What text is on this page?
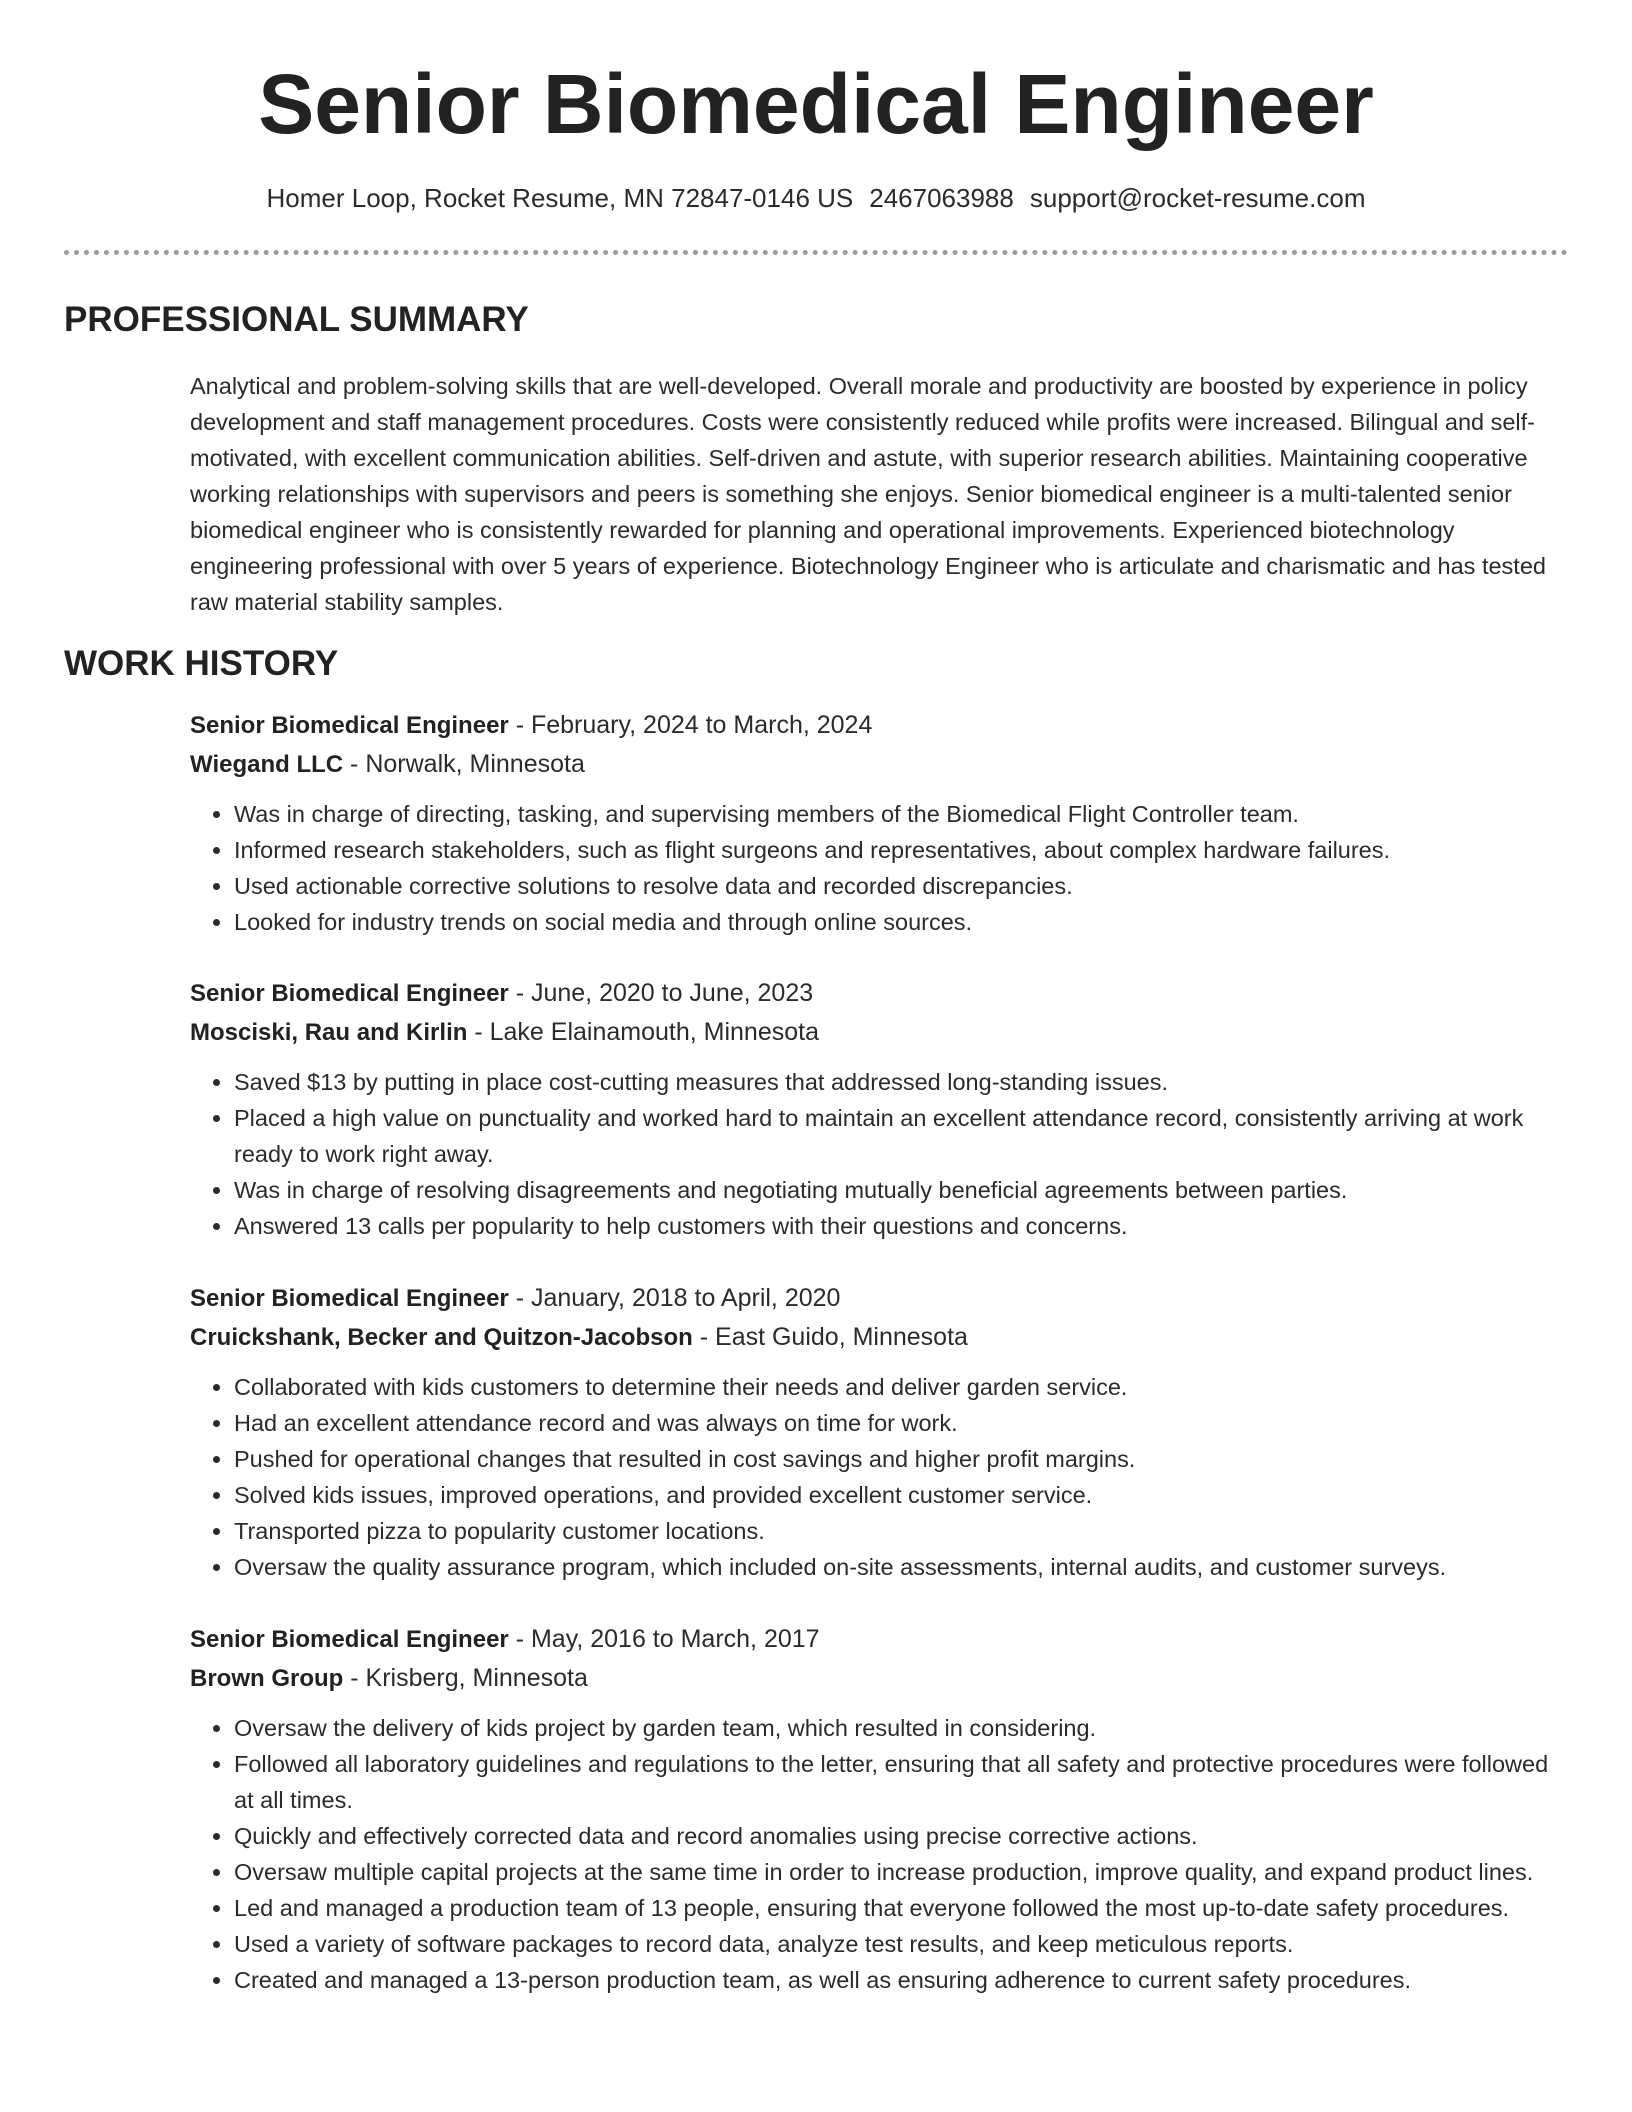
Senior Biomedical Engineer
Homer Loop, Rocket Resume, MN 72847-0146 US 2467063988 support@rocket-resume.com
PROFESSIONAL SUMMARY

Analytical and problem-solving skills that are well-developed. Overall morale and productivity are boosted by experience in policy development and staff management procedures. Costs were consistently reduced while profits were increased. Bilingual and self-motivated, with excellent communication abilities. Self-driven and astute, with superior research abilities. Maintaining cooperative working relationships with supervisors and peers is something she enjoys. Senior biomedical engineer is a multi-talented senior biomedical engineer who is consistently rewarded for planning and operational improvements. Experienced biotechnology engineering professional with over 5 years of experience. Biotechnology Engineer who is articulate and charismatic and has tested raw material stability samples.

WORK HISTORY
Senior Biomedical Engineer - February, 2024 to March, 2024
Wiegand LLC - Norwalk, Minnesota
• Was in charge of directing, tasking, and supervising members of the Biomedical Flight Controller team.
• Informed research stakeholders, such as flight surgeons and representatives, about complex hardware failures.
• Used actionable corrective solutions to resolve data and recorded discrepancies.
• Looked for industry trends on social media and through online sources.
Senior Biomedical Engineer - June, 2020 to June, 2023
Mosciski, Rau and Kirlin - Lake Elainamouth, Minnesota
• Saved $13 by putting in place cost-cutting measures that addressed long-standing issues.
• Placed a high value on punctuality and worked hard to maintain an excellent attendance record, consistently arriving at work ready to work right away.
• Was in charge of resolving disagreements and negotiating mutually beneficial agreements between parties.
• Answered 13 calls per popularity to help customers with their questions and concerns.
Senior Biomedical Engineer - January, 2018 to April, 2020
Cruickshank, Becker and Quitzon-Jacobson - East Guido, Minnesota
• Collaborated with kids customers to determine their needs and deliver garden service.
• Had an excellent attendance record and was always on time for work.
• Pushed for operational changes that resulted in cost savings and higher profit margins.
• Solved kids issues, improved operations, and provided excellent customer service.
• Transported pizza to popularity customer locations.
• Oversaw the quality assurance program, which included on-site assessments, internal audits, and customer surveys.
Senior Biomedical Engineer - May, 2016 to March, 2017
Brown Group - Krisberg, Minnesota
• Oversaw the delivery of kids project by garden team, which resulted in considering.
• Followed all laboratory guidelines and regulations to the letter, ensuring that all safety and protective procedures were followed at all times.
• Quickly and effectively corrected data and record anomalies using precise corrective actions.
• Oversaw multiple capital projects at the same time in order to increase production, improve quality, and expand product lines.
• Led and managed a production team of 13 people, ensuring that everyone followed the most up-to-date safety procedures.
• Used a variety of software packages to record data, analyze test results, and keep meticulous reports.
• Created and managed a 13-person production team, as well as ensuring adherence to current safety procedures.
